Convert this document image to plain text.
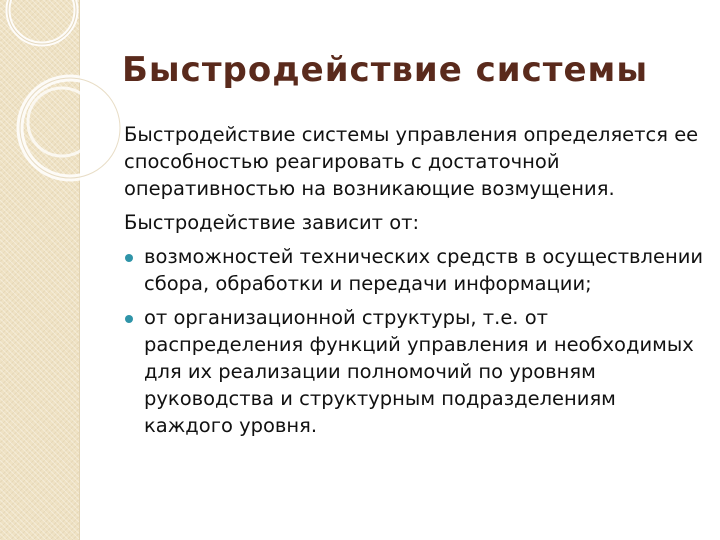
Быстродействие системы

Быстродействие системы управления определяется ее способностью реагировать с достаточной оперативностью на возникающие возмущения.

Быстродействие зависит от:

возможностей технических средств в осуществлении сбора, обработки и передачи информации;
от организационной структуры, т.е. от распределения функций управления и необходимых для их реализации полномочий по уровням руководства и структурным подразделениям каждого уровня.
